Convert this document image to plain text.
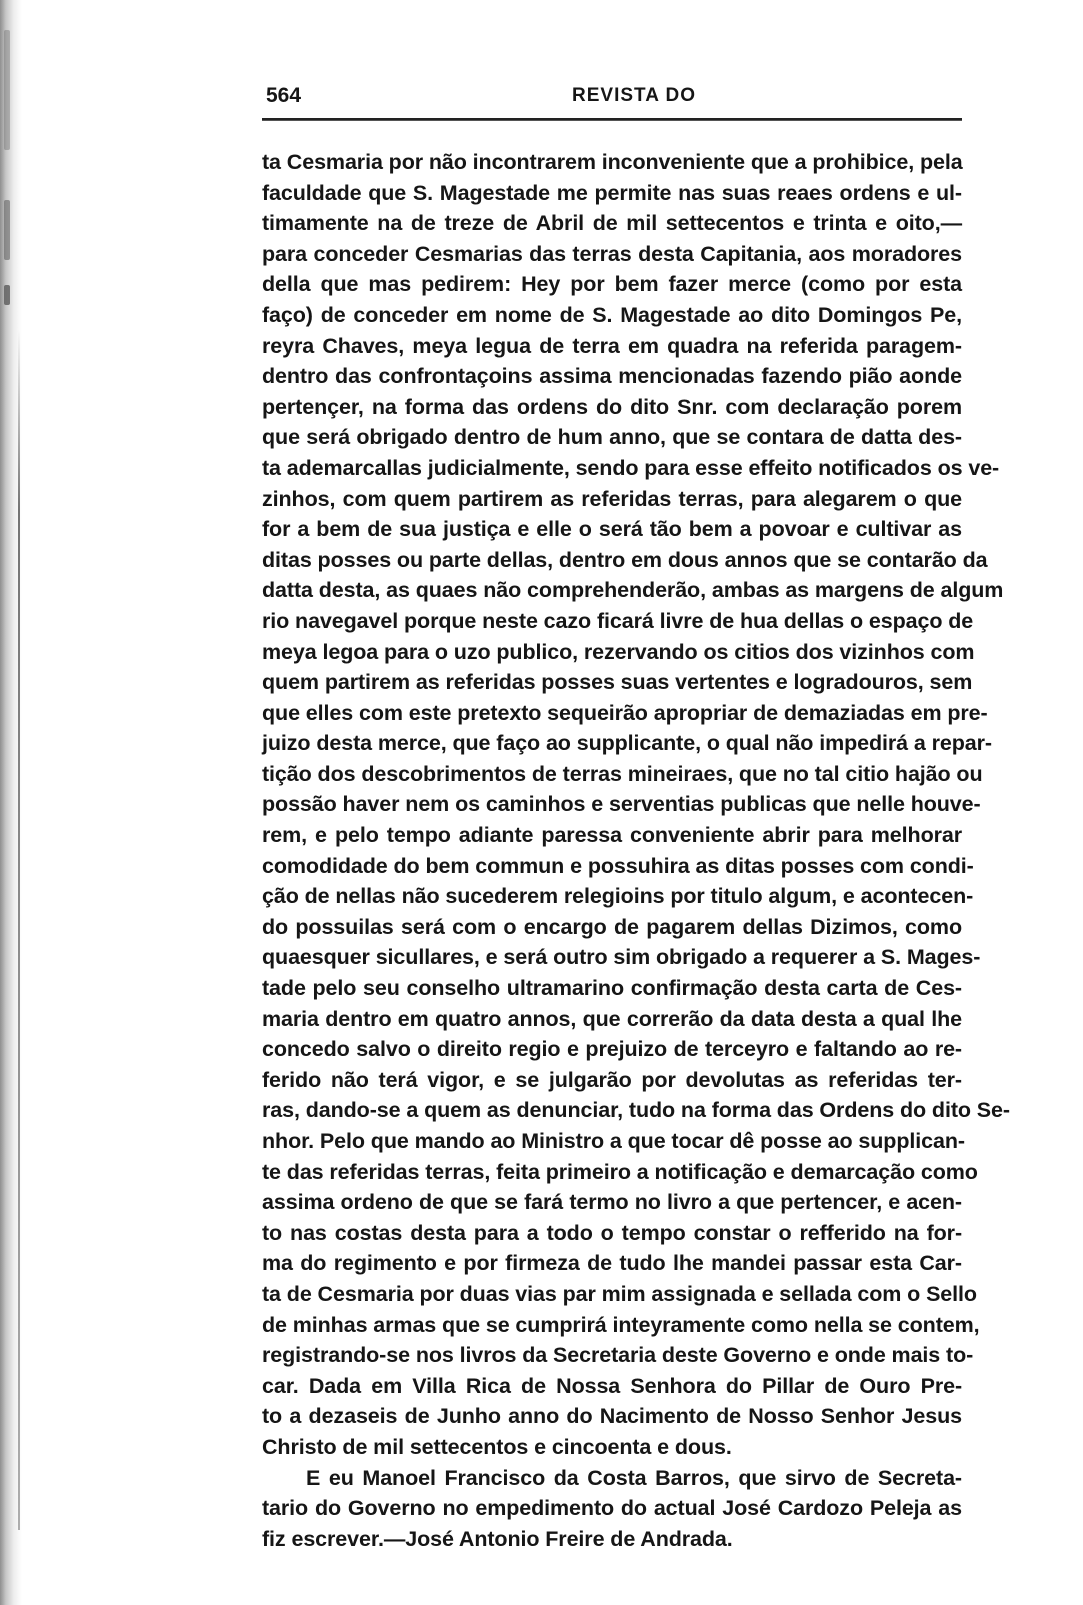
564	REVISTA DO
ta Cesmaria por não incontrarem inconveniente que a prohibice, pela
faculdade que S. Magestade me permite nas suas reaes ordens e ul-
timamente na de treze de Abril de mil settecentos e trinta e oito,—
para conceder Cesmarias das terras desta Capitania, aos moradores
della que mas pedirem: Hey por bem fazer merce (como por esta
faço) de conceder em nome de S. Magestade ao dito Domingos Pe,
reyra Chaves, meya legua de terra em quadra na referida paragem-
dentro das confrontaçoins assima mencionadas fazendo pião aonde
pertençer, na forma das ordens do dito Snr. com declaração porem
que será obrigado dentro de hum anno, que se contara de datta des-
ta ademarcallas judicialmente, sendo para esse effeito notificados os ve-
zinhos, com quem partirem as referidas terras, para alegarem o que
for a bem de sua justiça e elle o será tão bem a povoar e cultivar as
ditas posses ou parte dellas, dentro em dous annos que se contarão da
datta desta, as quaes não comprehenderão, ambas as margens de algum
rio navegavel porque neste cazo ficará livre de hua dellas o espaço de
meya legoa para o uzo publico, rezervando os citios dos vizinhos com
quem partirem as referidas posses suas vertentes e logradouros, sem
que elles com este pretexto sequeirão apropriar de demaziadas em pre-
juizo desta merce, que faço ao supplicante, o qual não impedirá a repar-
tição dos descobrimentos de terras mineiraes, que no tal citio hajão ou
possão haver nem os caminhos e serventias publicas que nelle houve-
rem, e pelo tempo adiante paressa conveniente abrir para melhorar
comodidade do bem commun e possuhira as ditas posses com condi-
ção de nellas não sucederem relegioins por titulo algum, e acontecen-
do possuilas será com o encargo de pagarem dellas Dizimos, como
quaesquer sicullares, e será outro sim obrigado a requerer a S. Mages-
tade pelo seu conselho ultramarino confirmação desta carta de Ces-
maria dentro em quatro annos, que correrão da data desta a qual lhe
concedo salvo o direito regio e prejuizo de terceyro e faltando ao re-
ferido não terá vigor, e se julgarão por devolutas as referidas ter-
ras, dando-se a quem as denunciar, tudo na forma das Ordens do dito Se-
nhor. Pelo que mando ao Ministro a que tocar dê posse ao supplican-
te das referidas terras, feita primeiro a notificação e demarcação como
assima ordeno de que se fará termo no livro a que pertencer, e acen-
to nas costas desta para a todo o tempo constar o refferido na for-
ma do regimento e por firmeza de tudo lhe mandei passar esta Car-
ta de Cesmaria por duas vias par mim assignada e sellada com o Sello
de minhas armas que se cumprirá inteyramente como nella se contem,
registrando-se nos livros da Secretaria deste Governo e onde mais to-
car. Dada em Villa Rica de Nossa Senhora do Pillar de Ouro Pre-
to a dezaseis de Junho anno do Nacimento de Nosso Senhor Jesus
Christo de mil settecentos e cincoenta e dous.
E eu Manoel Francisco da Costa Barros, que sirvo de Secreta-
tario do Governo no empedimento do actual José Cardozo Peleja as
fiz escrever.—José Antonio Freire de Andrada.
